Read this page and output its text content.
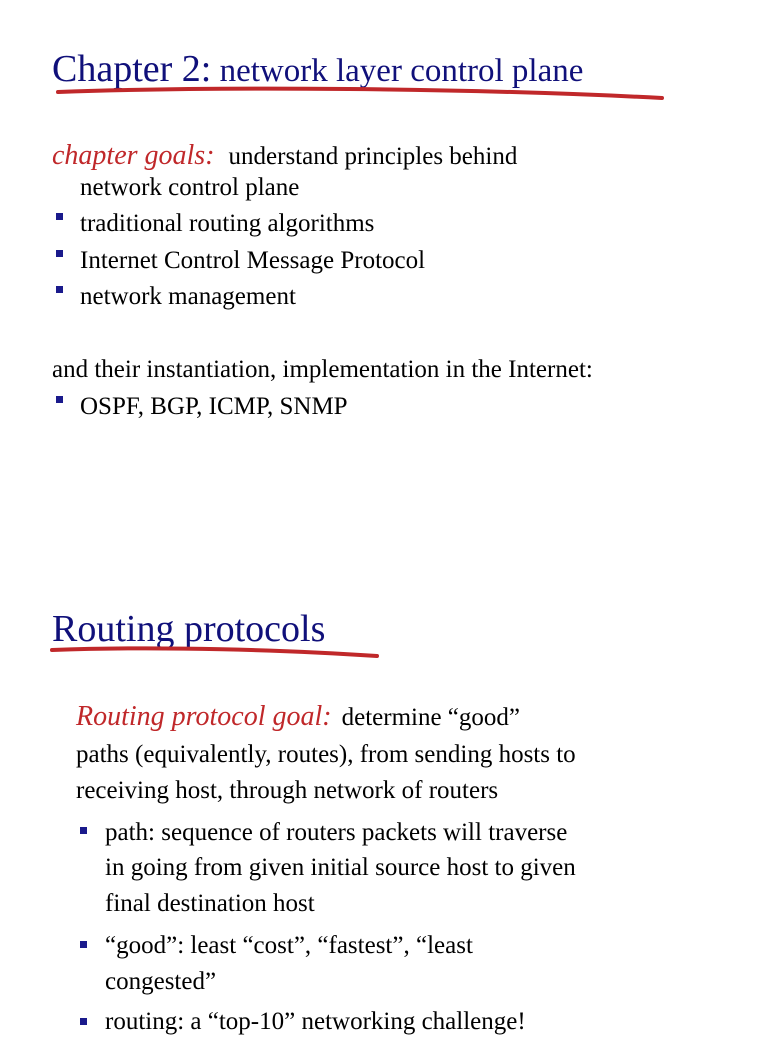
Chapter 2: network layer control plane
chapter goals: understand principles behind
network control plane
traditional routing algorithms
Internet Control Message Protocol
network management
and their instantiation, implementation in the Internet:
OSPF, BGP, ICMP, SNMP
Routing protocols
Routing protocol goal: determine “good”
paths (equivalently, routes), from sending hosts to
receiving host, through network of routers
path: sequence of routers packets will traverse
in going from given initial source host to given
final destination host
“good”: least “cost”, “fastest”, “least
congested”
routing: a “top-10” networking challenge!
